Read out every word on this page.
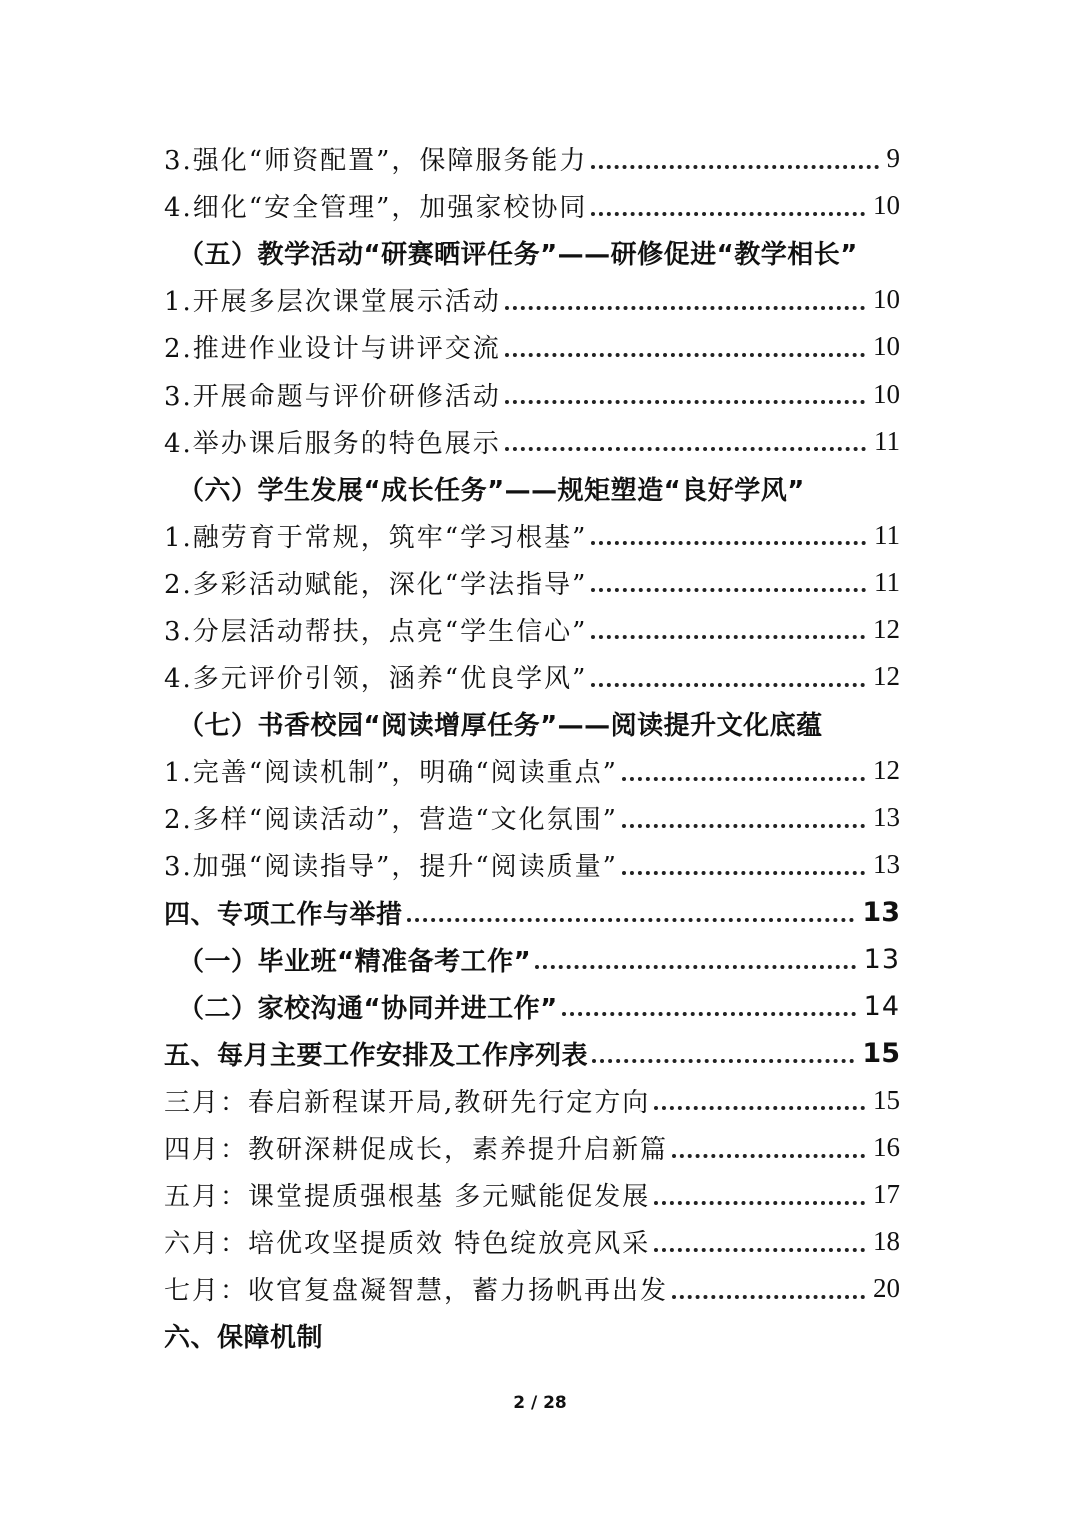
3.强化“师资配置”，保障服务能力	9
4.细化“安全管理”，加强家校协同	10
（五）教学活动“研赛晒评任务”——研修促进“教学相长”
1.开展多层次课堂展示活动	10
2.推进作业设计与讲评交流	10
3.开展命题与评价研修活动	10
4.举办课后服务的特色展示	11
（六）学生发展“成长任务”——规矩塑造“良好学风”
1.融劳育于常规，筑牢“学习根基”	11
2.多彩活动赋能，深化“学法指导”	11
3.分层活动帮扶，点亮“学生信心”	12
4.多元评价引领，涵养“优良学风”	12
（七）书香校园“阅读增厚任务”——阅读提升文化底蕴
1.完善“阅读机制”，明确“阅读重点”	12
2.多样“阅读活动”，营造“文化氛围”	13
3.加强“阅读指导”，提升“阅读质量”	13
四、专项工作与举措	13
（一）毕业班“精准备考工作”	13
（二）家校沟通“协同并进工作”	14
五、每月主要工作安排及工作序列表	15
三月：春启新程谋开局,教研先行定方向	15
四月：教研深耕促成长，素养提升启新篇	16
五月：课堂提质强根基 多元赋能促发展	17
六月：培优攻坚提质效 特色绽放亮风采	18
七月：收官复盘凝智慧，蓄力扬帆再出发	20
六、保障机制
2 / 28
